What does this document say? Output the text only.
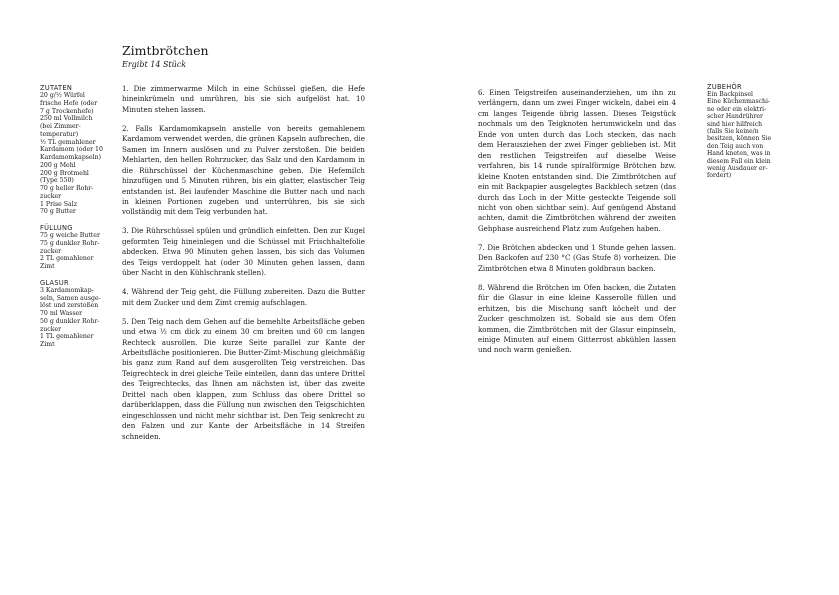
Zimtbrötchen
Ergibt 14 Stück
ZUTATEN
20 g/½ Würfel
frische Hefe (oder
7 g Trockenhefe)
250 ml Vollmilch
(bei Zimmer-
temperatur)
½ TL gemahlener
Kardamom (oder 10
Kardamomkapseln)
200 g Mehl
200 g Brotmehl
(Type 550)
70 g heller Rohr-
zucker
1 Prise Salz
70 g Butter
FÜLLUNG
75 g weiche Butter
75 g dunkler Rohr-
zucker
2 TL gemahlener
Zimt
GLASUR
3 Kardamomkap-
seln, Samen ausge-
löst und zerstoßen
70 ml Wasser
50 g dunkler Rohr-
zucker
1 TL gemahlener
Zimt

1. Die zimmerwarme Milch in eine Schüssel gießen, die Hefe hineinkrümeln und umrühren, bis sie sich aufgelöst hat. 10 Minuten stehen lassen.

2. Falls Kardamomkapseln anstelle von bereits gemahlenem Kardamom verwendet werden, die grünen Kapseln aufbrechen, die Samen im Innern auslösen und zu Pulver zerstoßen. Die beiden Mehlarten, den hellen Rohrzucker, das Salz und den Kardamom in die Rührschüssel der Küchenmaschine geben. Die Hefemilch hinzufügen und 5 Minuten rühren, bis ein glatter, elastischer Teig entstanden ist. Bei laufender Maschine die Butter nach und nach in kleinen Portionen zugeben und unterrühren, bis sie sich vollständig mit dem Teig verbunden hat.

3. Die Rührschüssel spülen und gründlich einfetten. Den zur Kugel geformten Teig hineinlegen und die Schüssel mit Frischhaltefolie abdecken. Etwa 90 Minuten gehen lassen, bis sich das Volumen des Teigs verdoppelt hat (oder 30 Minuten gehen lassen, dann über Nacht in den Kühlschrank stellen).

4. Während der Teig geht, die Füllung zubereiten. Dazu die Butter mit dem Zucker und dem Zimt cremig aufschlagen.

5. Den Teig nach dem Gehen auf die bemehlte Arbeitsfläche geben und etwa ½ cm dick zu einem 30 cm breiten und 60 cm langen Rechteck ausrollen. Die kurze Seite parallel zur Kante der Arbeitsfläche positionieren. Die Butter-Zimt-Mischung gleichmäßig bis ganz zum Rand auf dem ausgerollten Teig verstreichen. Das Teigrechteck in drei gleiche Teile einteilen, dann das untere Drittel des Teigrechtecks, das Ihnen am nächsten ist, über das zweite Drittel nach oben klappen, zum Schluss das obere Drittel so darüberklappen, dass die Füllung nun zwischen den Teigschichten eingeschlossen und nicht mehr sichtbar ist. Den Teig senkrecht zu den Falzen und zur Kante der Arbeitsfläche in 14 Streifen schneiden.

6. Einen Teigstreifen auseinanderziehen, um ihn zu verlängern, dann um zwei Finger wickeln, dabei ein 4 cm langes Teigende übrig lassen. Dieses Teigstück nochmals um den Teigknoten herumwickeln und das Ende von unten durch das Loch stecken, das nach dem Herausziehen der zwei Finger geblieben ist. Mit den restlichen Teigstreifen auf dieselbe Weise verfahren, bis 14 runde spiralförmige Brötchen bzw. kleine Knoten entstanden sind. Die Zimtbrötchen auf ein mit Backpapier ausgelegtes Backblech setzen (das durch das Loch in der Mitte gesteckte Teigende soll nicht von oben sichtbar sein). Auf genügend Abstand achten, damit die Zimtbrötchen während der zweiten Gehphase ausreichend Platz zum Aufgehen haben.

7. Die Brötchen abdecken und 1 Stunde gehen lassen. Den Backofen auf 230 °C (Gas Stufe 8) vorheizen. Die Zimtbrötchen etwa 8 Minuten goldbraun backen.

8. Während die Brötchen im Ofen backen, die Zutaten für die Glasur in eine kleine Kasserolle füllen und erhitzen, bis die Mischung sanft köchelt und der Zucker geschmolzen ist. Sobald sie aus dem Ofen kommen, die Zimtbrötchen mit der Glasur einpinseln, einige Minuten auf einem Gitterrost abkühlen lassen und noch warm genießen.

ZUBEHÖR
Ein Backpinsel
Eine Küchenmaschi-
ne oder ein elektri-
scher Handrührer
sind hier hilfreich
(falls Sie keine/n
besitzen, können Sie
den Teig auch von
Hand kneten, was in
diesem Fall ein klein
wenig Ausdauer er-
fordert)
